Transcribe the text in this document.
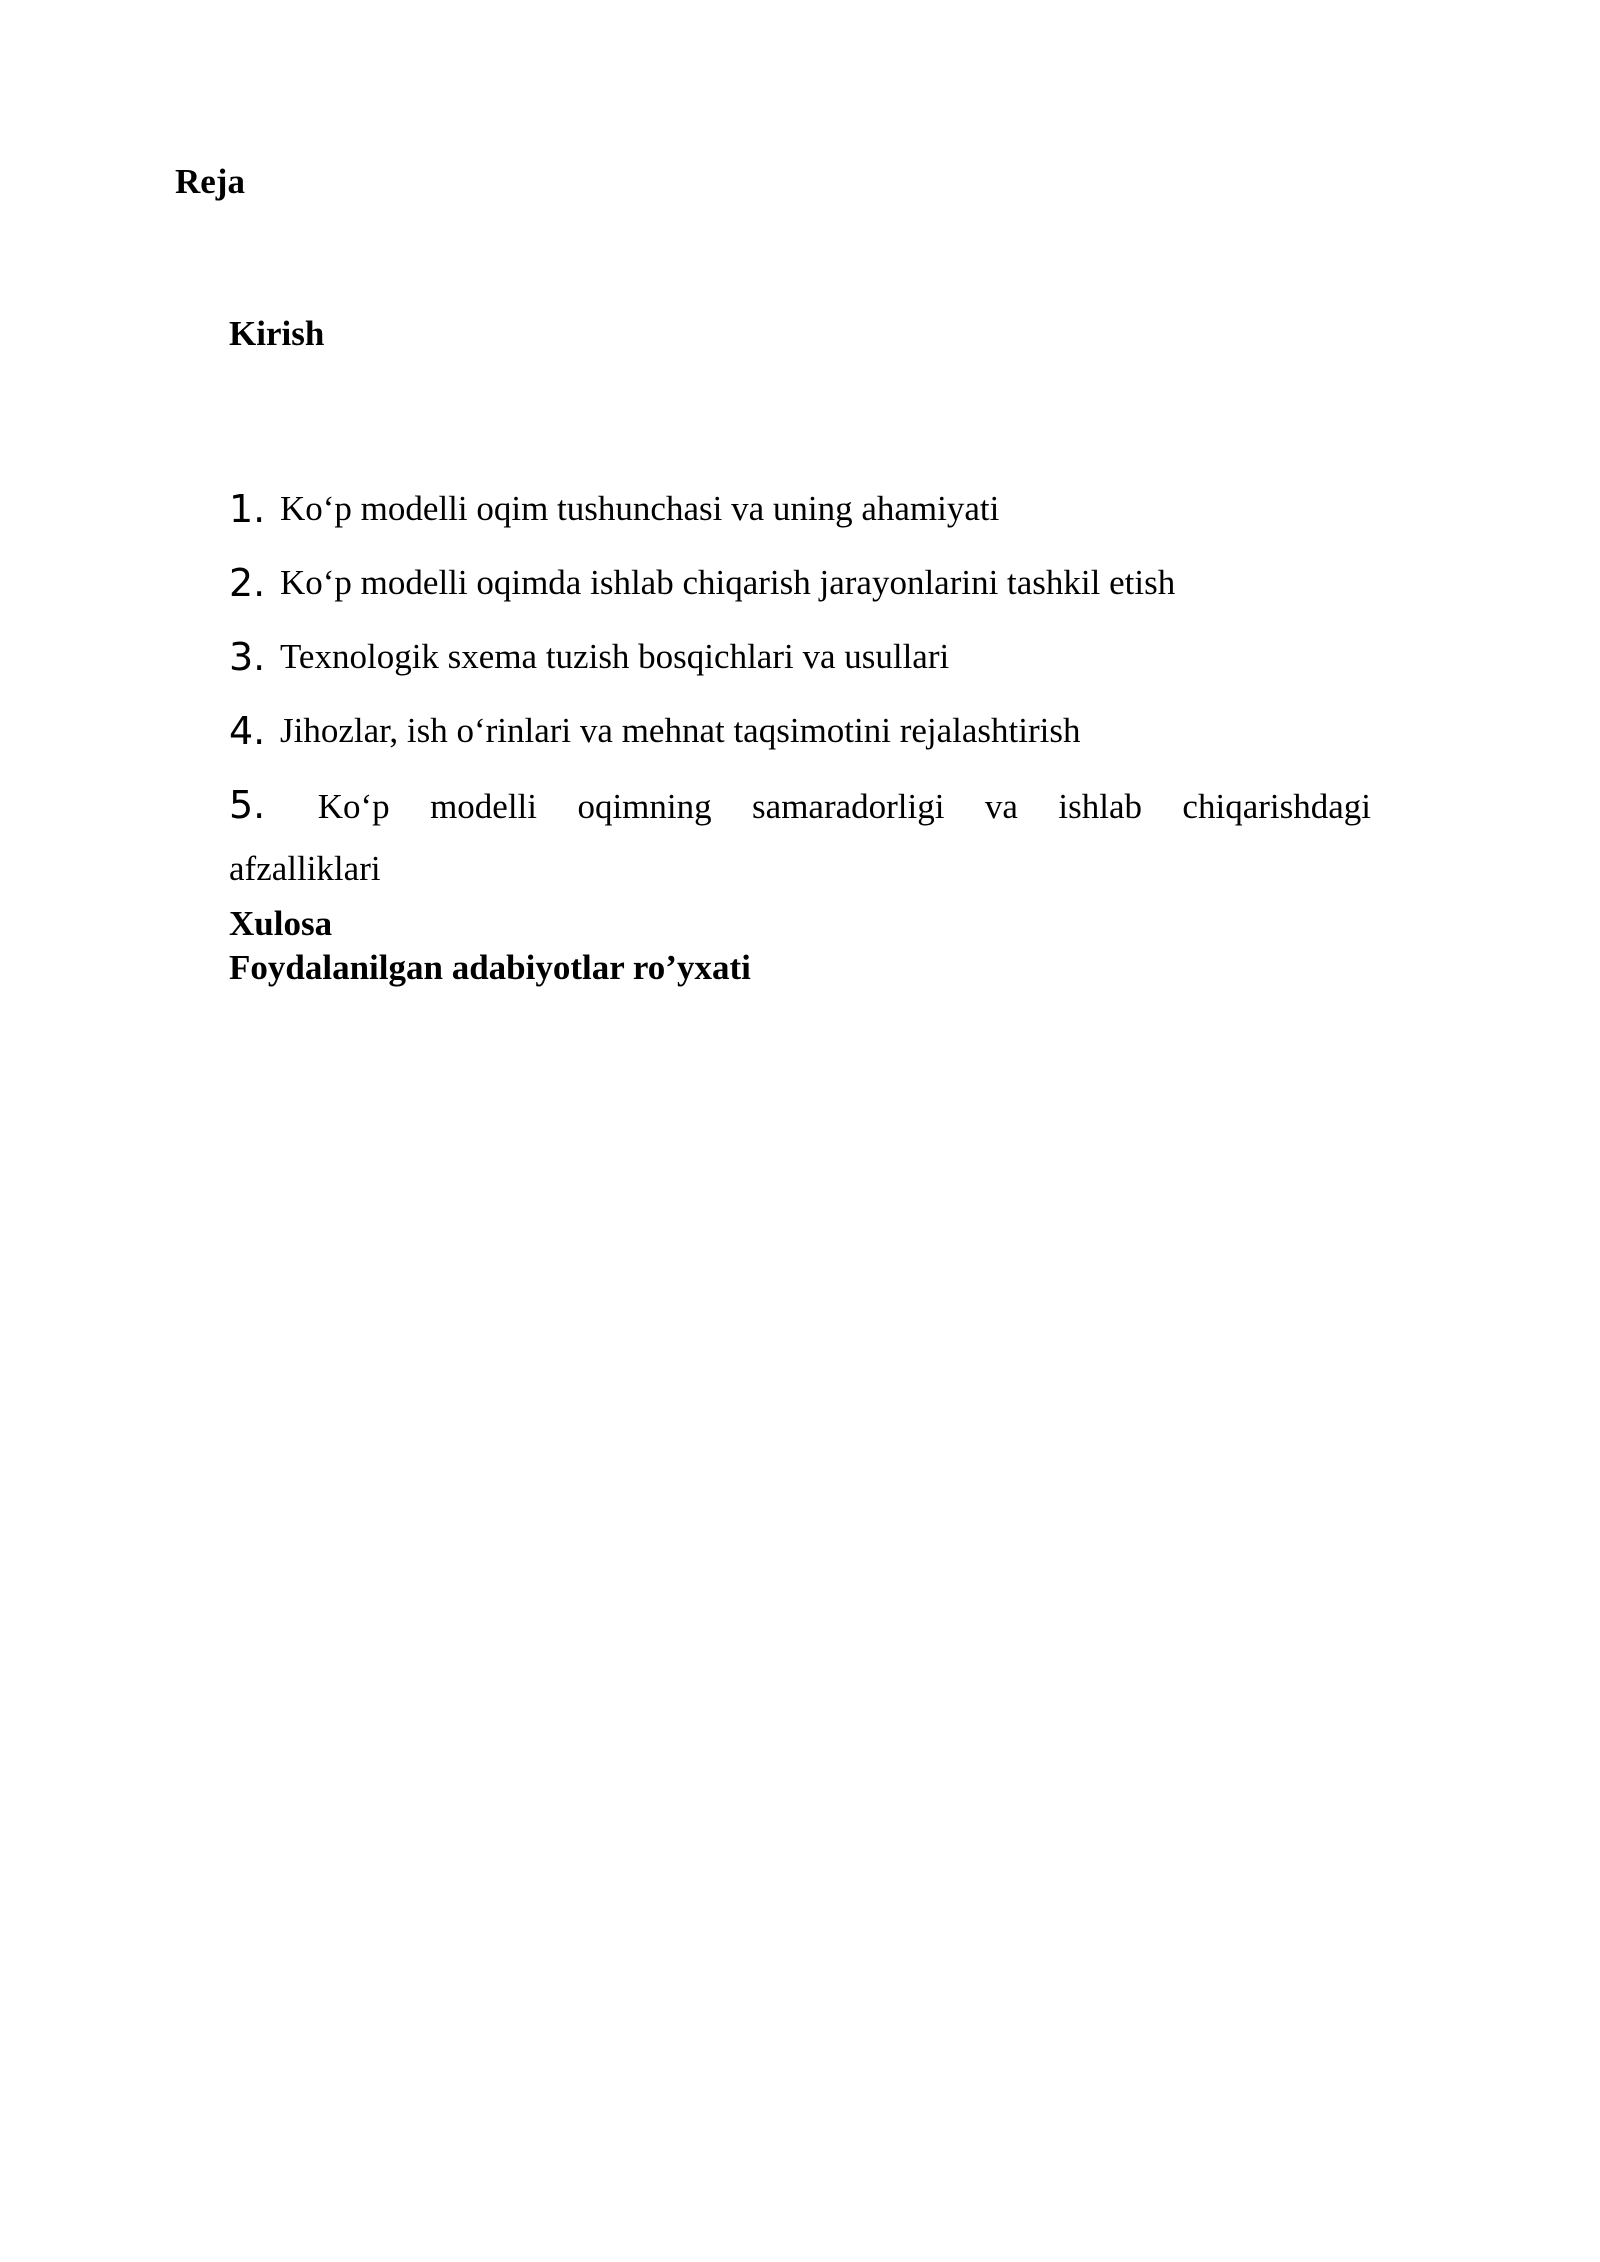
Reja
Kirish
1. Ko‘p modelli oqim tushunchasi va uning ahamiyati
2. Ko‘p modelli oqimda ishlab chiqarish jarayonlarini tashkil etish
3. Texnologik sxema tuzish bosqichlari va usullari
4. Jihozlar, ish o‘rinlari va mehnat taqsimotini rejalashtirish
5. Ko‘p modelli oqimning samaradorligi va ishlab chiqarishdagi
afzalliklari
Xulosa
Foydalanilgan adabiyotlar ro’yxati
